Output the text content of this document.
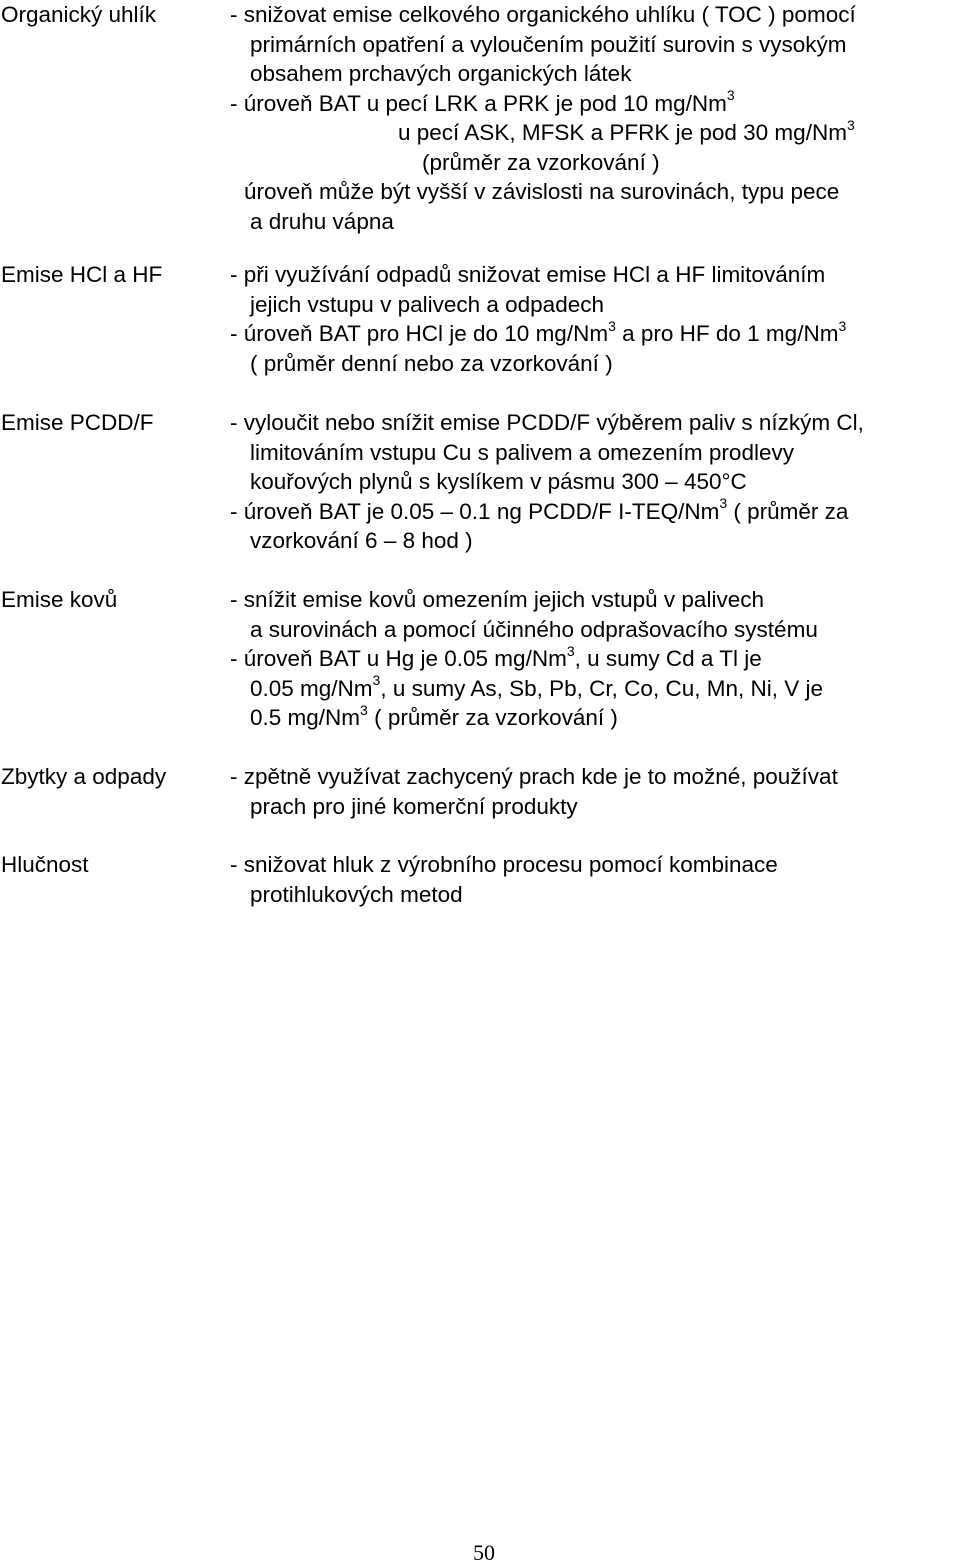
Organický uhlík	- snižovat emise celkového organického uhlíku ( TOC ) pomocí
primárních opatření a vyloučením použití surovin s vysokým
obsahem prchavých organických látek
- úroveň BAT u pecí LRK a PRK je pod 10 mg/Nm$^3$
u pecí ASK, MFSK a PFRK je pod 30 mg/Nm$^3$
(průměr za vzorkování )
úroveň může být vyšší v závislosti na surovinách, typu pece
a druhu vápna
Emise HCl a HF	- při využívání odpadů snižovat emise HCl a HF limitováním
jejich vstupu v palivech a odpadech
- úroveň BAT pro HCl je do 10 mg/Nm$^3$ a pro HF do 1 mg/Nm$^3$
( průměr denní nebo za vzorkování )
Emise PCDD/F	- vyloučit nebo snížit emise PCDD/F výběrem paliv s nízkým Cl,
limitováním vstupu Cu s palivem a omezením prodlevy
kouřových plynů s kyslíkem v pásmu 300 – 450°C
- úroveň BAT je 0.05 – 0.1 ng PCDD/F I-TEQ/Nm$^3$ ( průměr za
vzorkování 6 – 8 hod )
Emise kovů	- snížit emise kovů omezením jejich vstupů v palivech
a surovinách a pomocí účinného odprašovacího systému
- úroveň BAT u Hg je 0.05 mg/Nm$^3$, u sumy Cd a Tl je
0.05 mg/Nm$^3$, u sumy As, Sb, Pb, Cr, Co, Cu, Mn, Ni, V je
0.5 mg/Nm$^3$ ( průměr za vzorkování )
Zbytky a odpady	- zpětně využívat zachycený prach kde je to možné, používat
prach pro jiné komerční produkty
Hlučnost	- snižovat hluk z výrobního procesu pomocí kombinace
protihlukových metod
50
